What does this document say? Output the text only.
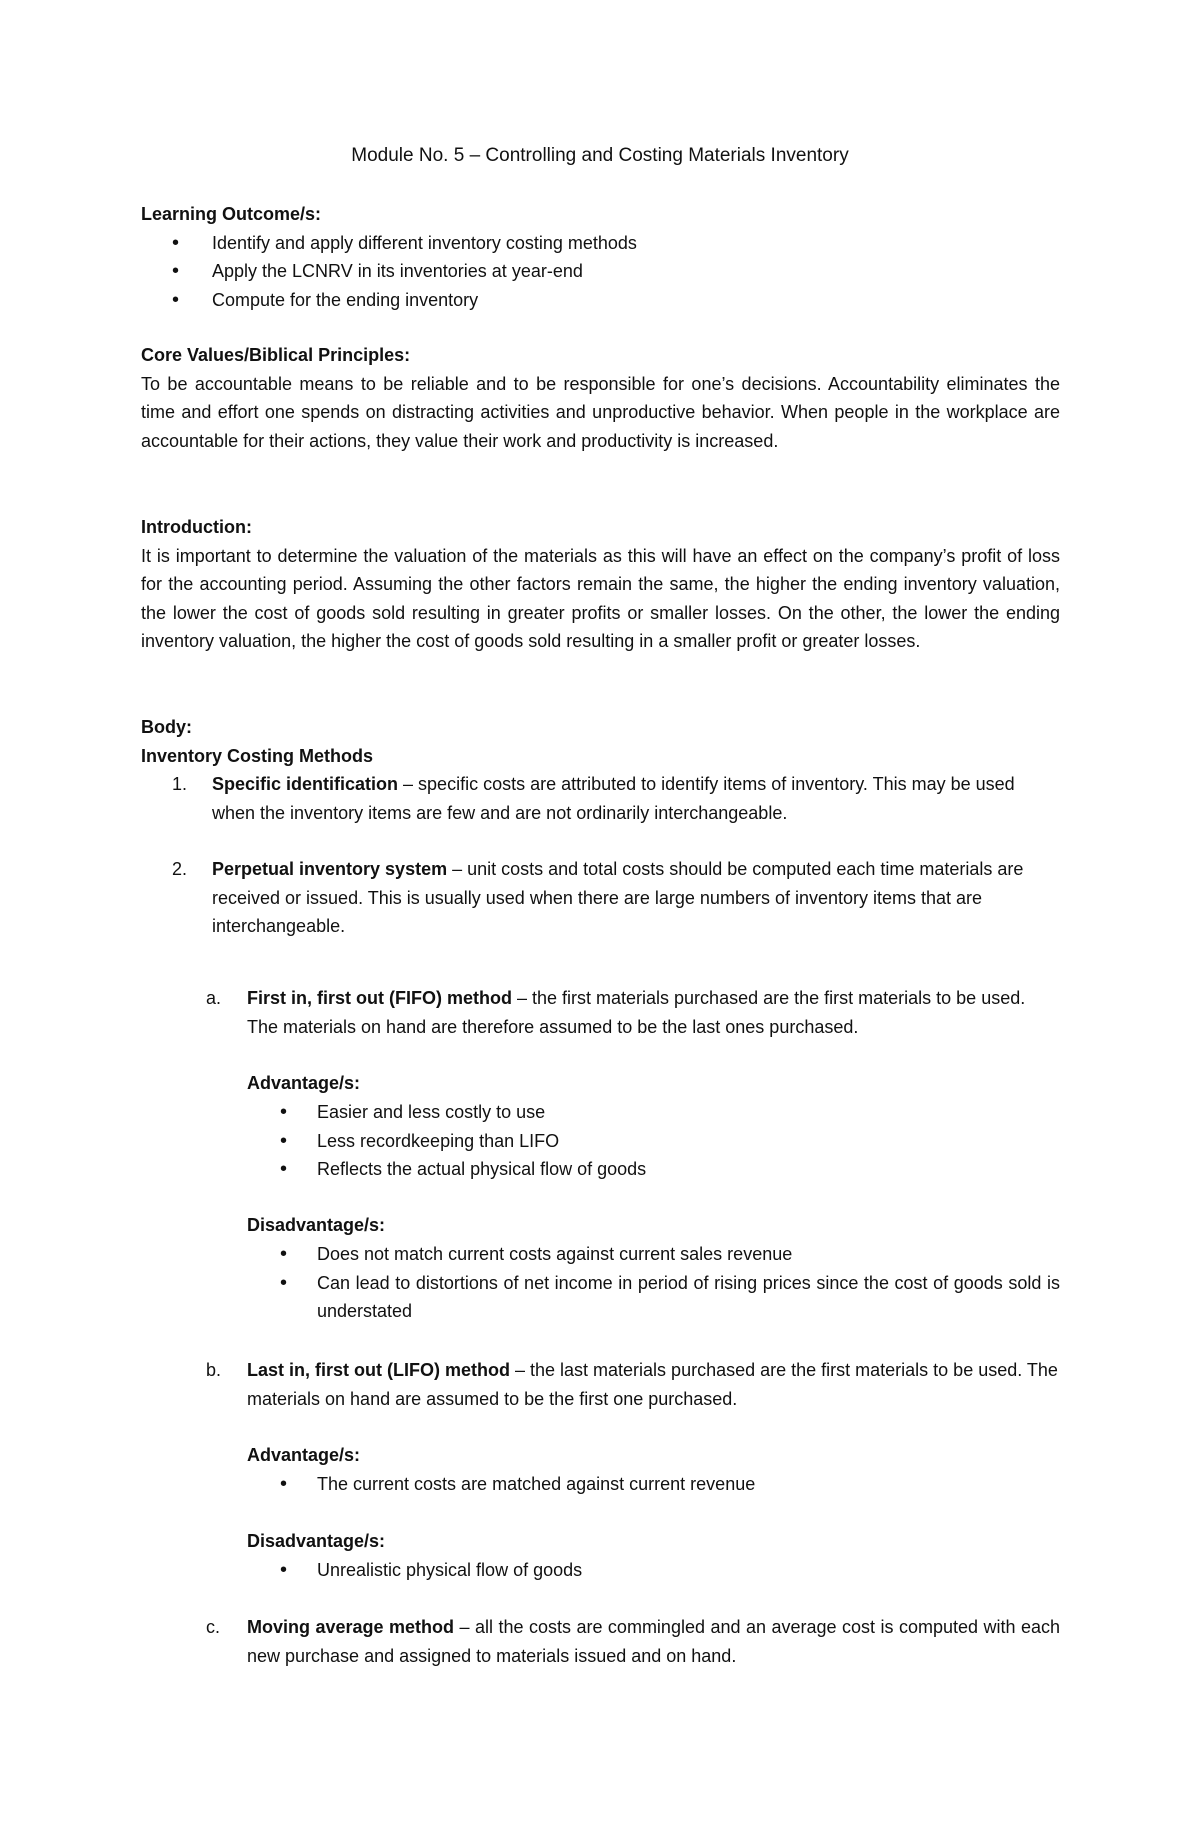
Module No. 5 – Controlling and Costing Materials Inventory
Learning Outcome/s:
• Identify and apply different inventory costing methods
• Apply the LCNRV in its inventories at year-end
• Compute for the ending inventory
Core Values/Biblical Principles:

To be accountable means to be reliable and to be responsible for one’s decisions. Accountability eliminates the time and effort one spends on distracting activities and unproductive behavior. When people in the workplace are accountable for their actions, they value their work and productivity is increased.

Introduction:

It is important to determine the valuation of the materials as this will have an effect on the company’s profit of loss for the accounting period. Assuming the other factors remain the same, the higher the ending inventory valuation, the lower the cost of goods sold resulting in greater profits or smaller losses. On the other, the lower the ending inventory valuation, the higher the cost of goods sold resulting in a smaller profit or greater losses.

Body:
Inventory Costing Methods
1. Specific identification – specific costs are attributed to identify items of inventory. This may be used when the inventory items are few and are not ordinarily interchangeable.
2. Perpetual inventory system – unit costs and total costs should be computed each time materials are received or issued. This is usually used when there are large numbers of inventory items that are interchangeable.
a. First in, first out (FIFO) method – the first materials purchased are the first materials to be used. The materials on hand are therefore assumed to be the last ones purchased.
Advantage/s:
• Easier and less costly to use
• Less recordkeeping than LIFO
• Reflects the actual physical flow of goods
Disadvantage/s:
• Does not match current costs against current sales revenue
• Can lead to distortions of net income in period of rising prices since the cost of goods sold is understated
b. Last in, first out (LIFO) method – the last materials purchased are the first materials to be used. The materials on hand are assumed to be the first one purchased.
Advantage/s:
• The current costs are matched against current revenue
Disadvantage/s:
• Unrealistic physical flow of goods
c. Moving average method – all the costs are commingled and an average cost is computed with each new purchase and assigned to materials issued and on hand.
